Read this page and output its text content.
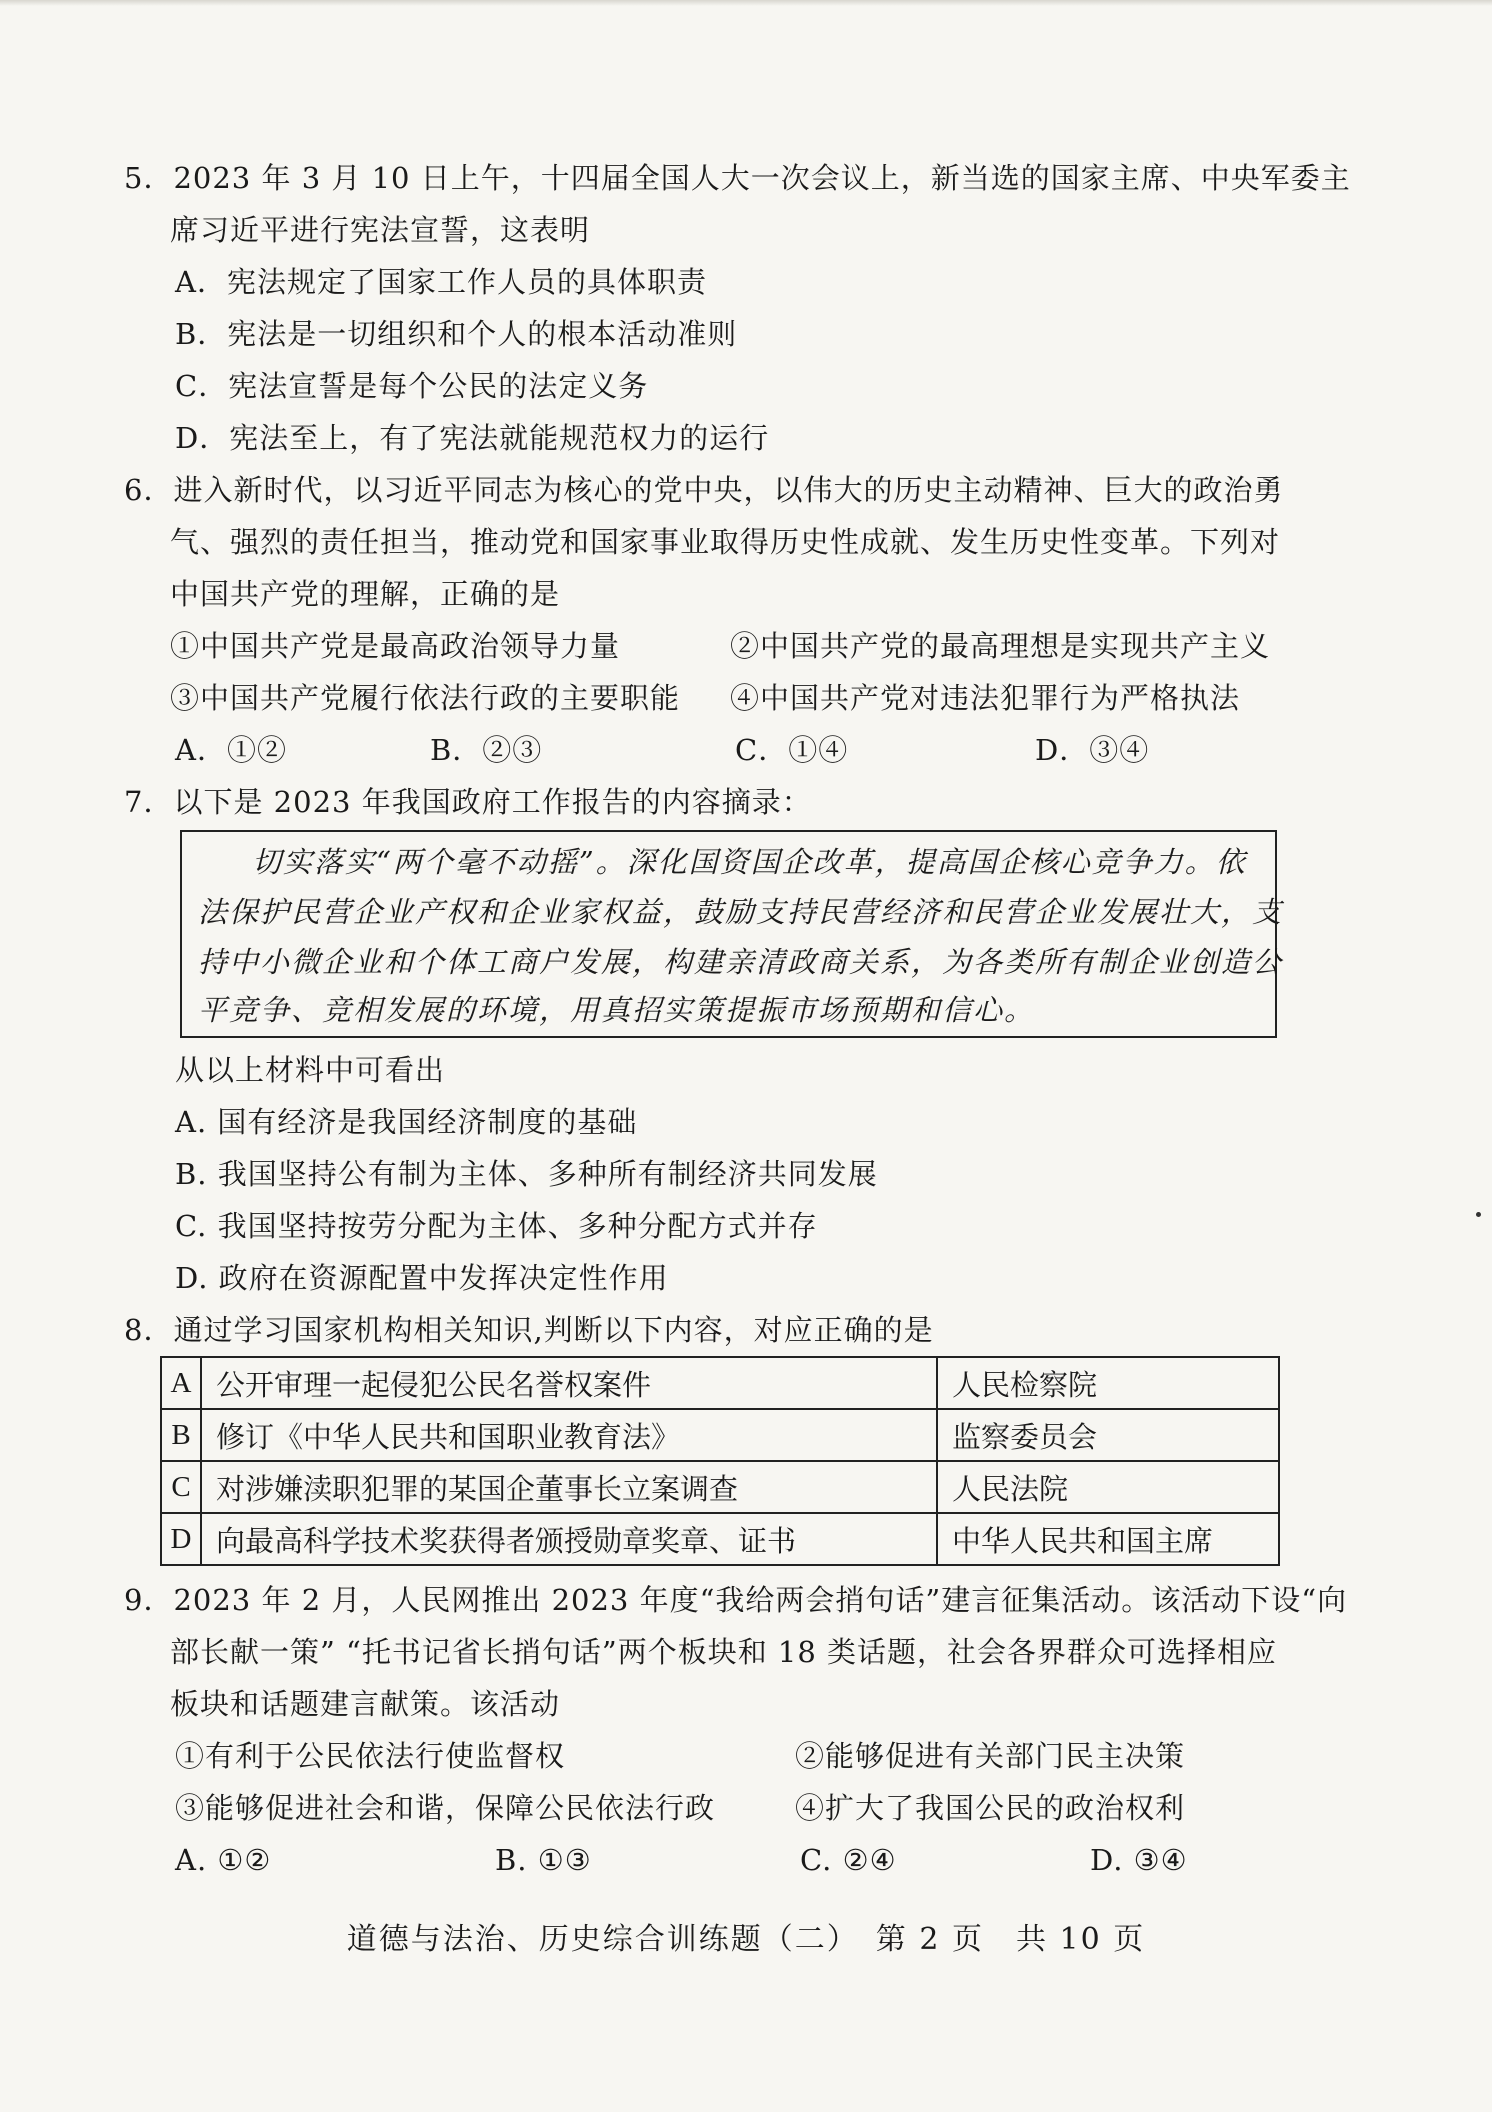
5．2023 年 3 月 10 日上午，十四届全国人大一次会议上，新当选的国家主席、中央军委主
席习近平进行宪法宣誓，这表明
A．宪法规定了国家工作人员的具体职责
B．宪法是一切组织和个人的根本活动准则
C．宪法宣誓是每个公民的法定义务
D．宪法至上，有了宪法就能规范权力的运行
6．进入新时代，以习近平同志为核心的党中央，以伟大的历史主动精神、巨大的政治勇
气、强烈的责任担当，推动党和国家事业取得历史性成就、发生历史性变革。下列对
中国共产党的理解，正确的是
①中国共产党是最高政治领导力量	②中国共产党的最高理想是实现共产主义
③中国共产党履行依法行政的主要职能 ④中国共产党对违法犯罪行为严格执法
A．①②	B．②③	C．①④	D．③④
7．以下是 2023 年我国政府工作报告的内容摘录：
切实落实“两个毫不动摇”。深化国资国企改革，提高国企核心竞争力。依
法保护民营企业产权和企业家权益，鼓励支持民营经济和民营企业发展壮大，支
持中小微企业和个体工商户发展，构建亲清政商关系，为各类所有制企业创造公
平竞争、竞相发展的环境，用真招实策提振市场预期和信心。
从以上材料中可看出
A. 国有经济是我国经济制度的基础
B. 我国坚持公有制为主体、多种所有制经济共同发展
C. 我国坚持按劳分配为主体、多种分配方式并存
D. 政府在资源配置中发挥决定性作用
8．通过学习国家机构相关知识,判断以下内容，对应正确的是
A	公开审理一起侵犯公民名誉权案件	人民检察院
B	修订《中华人民共和国职业教育法》	监察委员会
C	对涉嫌渎职犯罪的某国企董事长立案调查	人民法院
D	向最高科学技术奖获得者颁授勋章奖章、证书	中华人民共和国主席
9．2023 年 2 月，人民网推出 2023 年度“我给两会捎句话”建言征集活动。该活动下设“向
部长献一策” “托书记省长捎句话”两个板块和 18 类话题，社会各界群众可选择相应
板块和话题建言献策。该活动
①有利于公民依法行使监督权	②能够促进有关部门民主决策
③能够促进社会和谐，保障公民依法行政	④扩大了我国公民的政治权利
A. ①②	B. ①③	C. ②④	D. ③④
道德与法治、历史综合训练题（二）　第 2 页　共 10 页
